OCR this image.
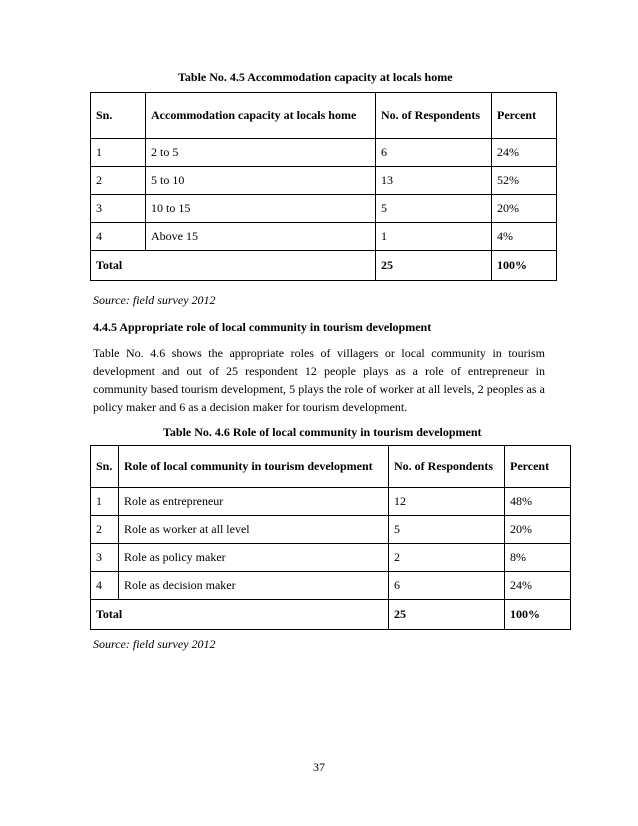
Table No. 4.5 Accommodation capacity at locals home
Sn.	Accommodation capacity at locals home	No. of Respondents	Percent
1	2 to 5	6	24%
2	5 to 10	13	52%
3	10 to 15	5	20%
4	Above 15	1	4%
Total		25	100%
Source: field survey 2012
4.4.5 Appropriate role of local community in tourism development

Table No. 4.6 shows the appropriate roles of villagers or local community in tourism development and out of 25 respondent 12 people plays as a role of entrepreneur in community based tourism development, 5 plays the role of worker at all levels, 2 peoples as a policy maker and 6 as a decision maker for tourism development.

Table No. 4.6 Role of local community in tourism development
Sn.	Role of local community in tourism development	No. of Respondents	Percent
1	Role as entrepreneur	12	48%
2	Role as worker at all level	5	20%
3	Role as policy maker	2	8%
4	Role as decision maker	6	24%
Total		25	100%
Source: field survey 2012
37
